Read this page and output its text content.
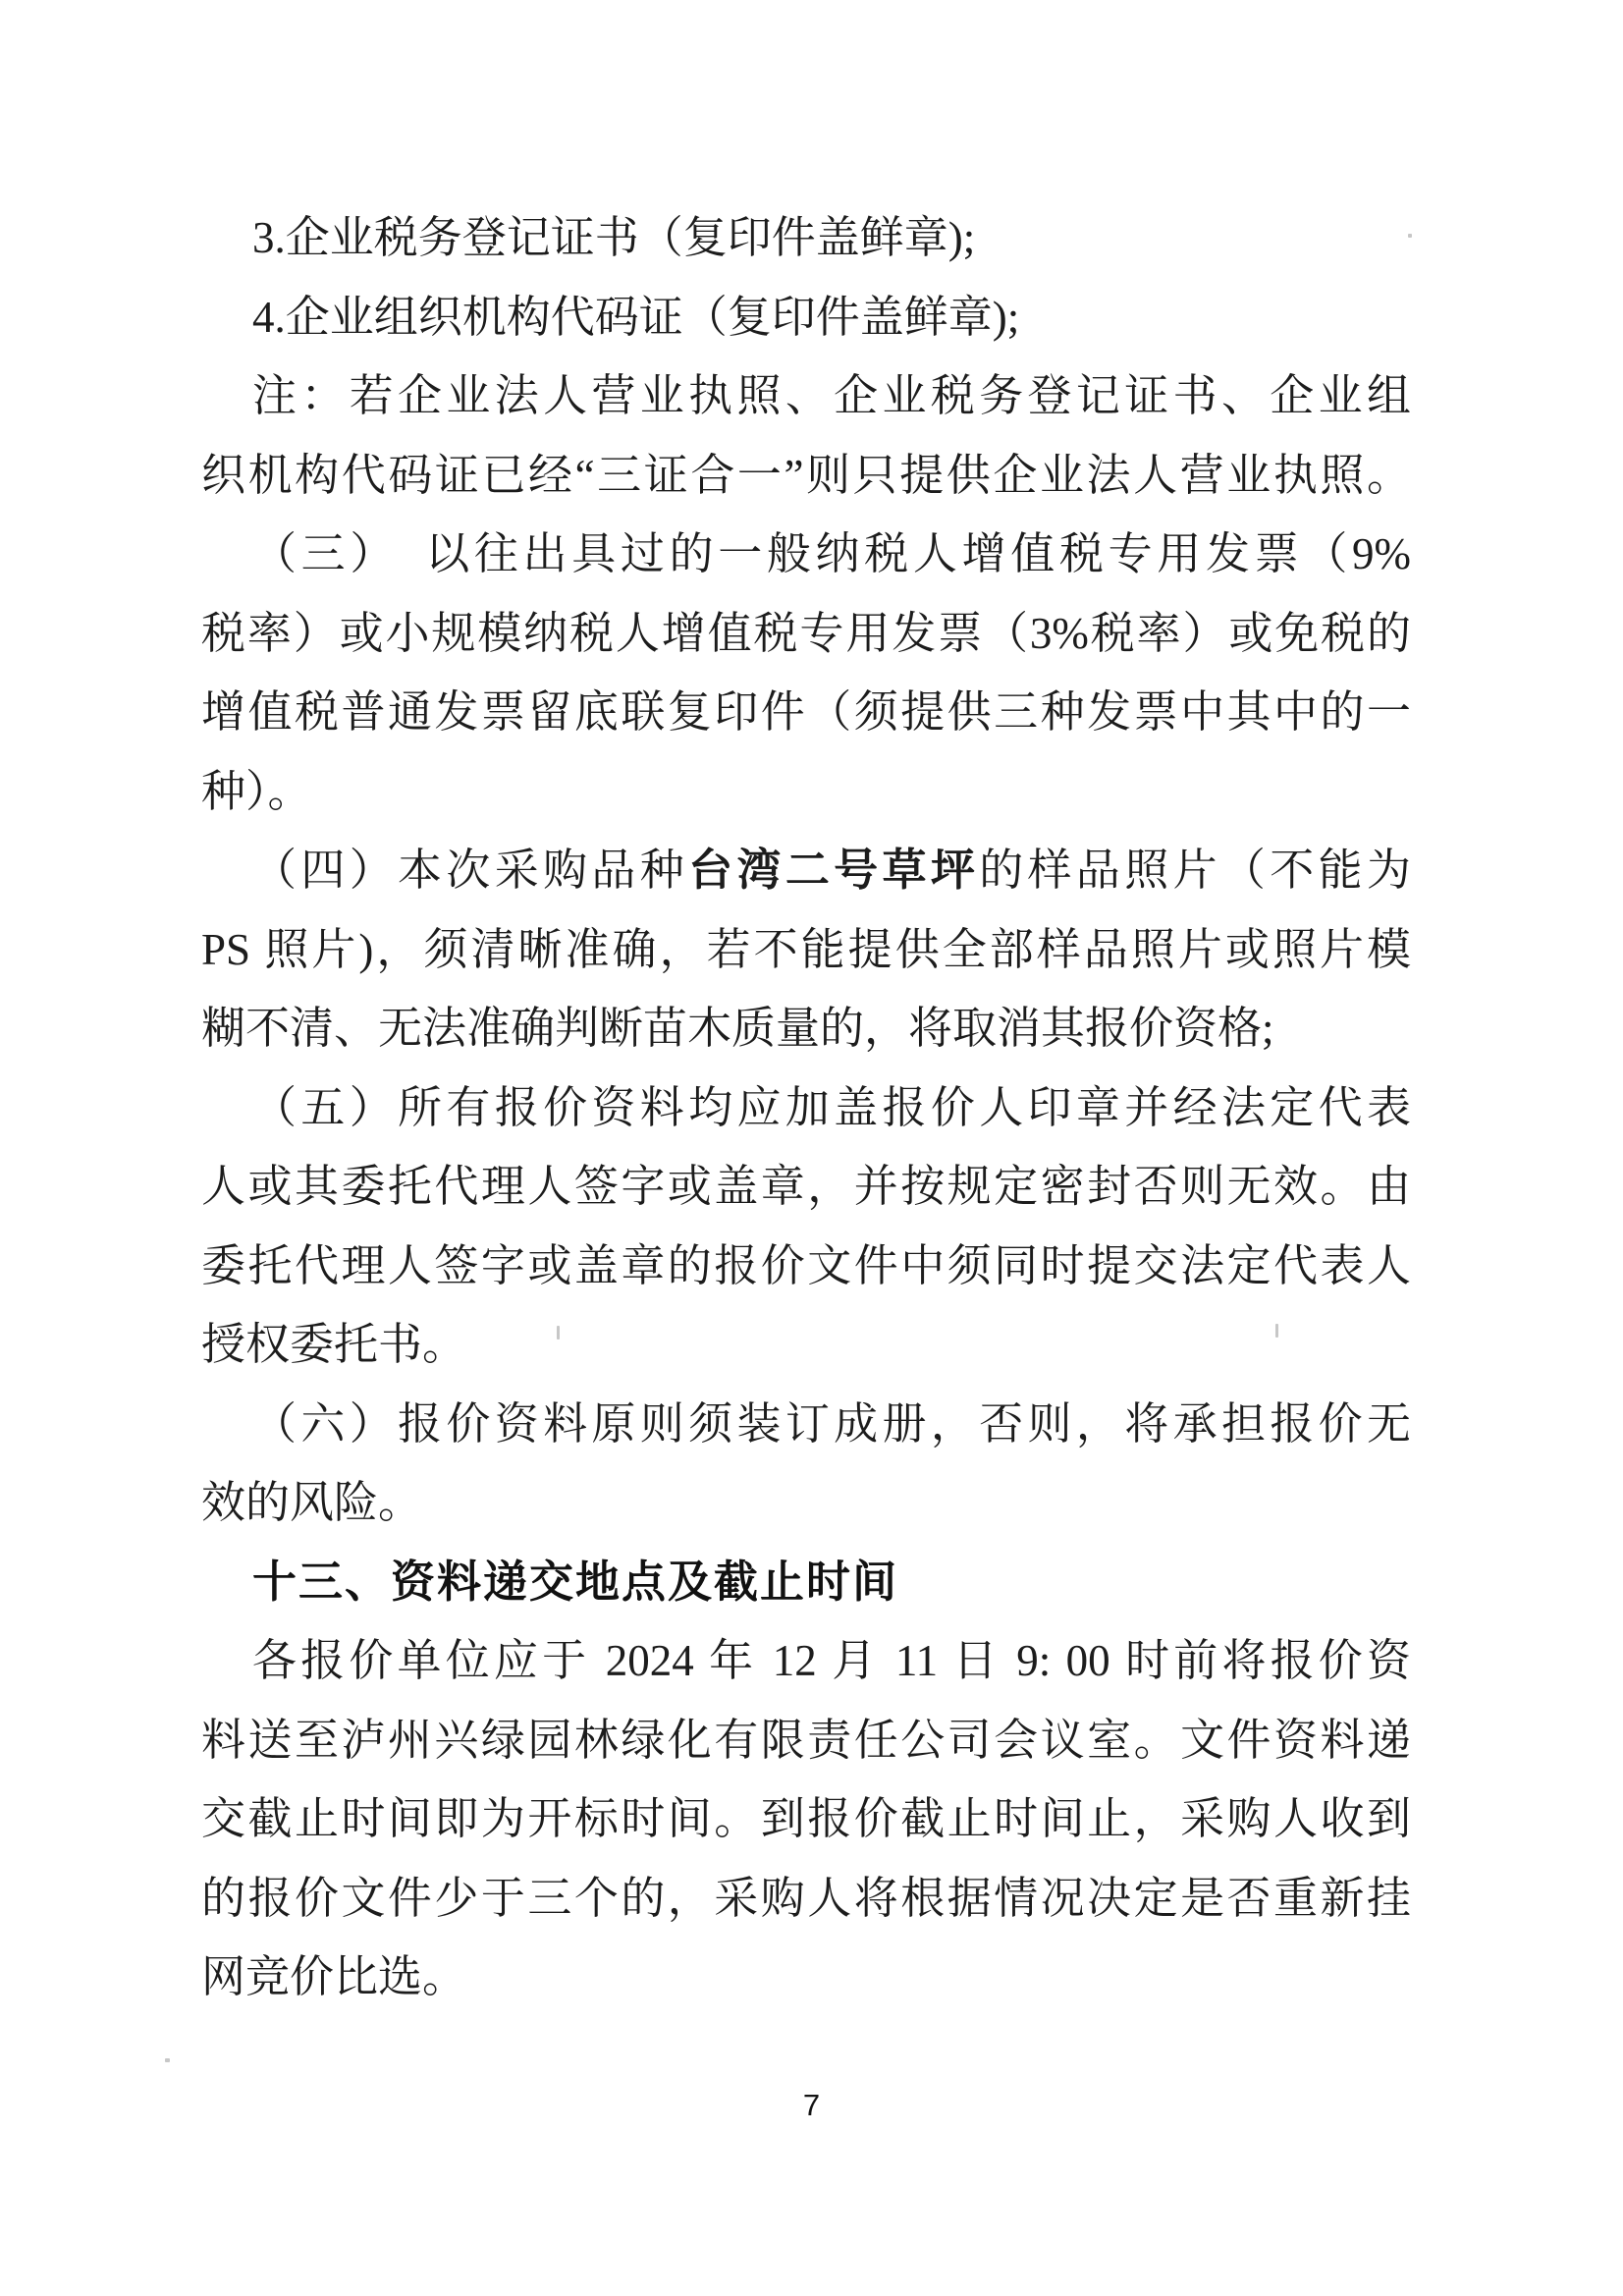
3.企业税务登记证书（复印件盖鲜章);
4.企业组织机构代码证（复印件盖鲜章);
注：若企业法人营业执照、企业税务登记证书、企业组
织机构代码证已经“三证合一”则只提供企业法人营业执照。
（三）　以往出具过的一般纳税人增值税专用发票（9%
税率）或小规模纳税人增值税专用发票（3%税率）或免税的
增值税普通发票留底联复印件（须提供三种发票中其中的一
种）。
（四）本次采购品种台湾二号草坪的样品照片（不能为
PS 照片)，须清晰准确，若不能提供全部样品照片或照片模
糊不清、无法准确判断苗木质量的，将取消其报价资格;
（五）所有报价资料均应加盖报价人印章并经法定代表
人或其委托代理人签字或盖章，并按规定密封否则无效。由
委托代理人签字或盖章的报价文件中须同时提交法定代表人
授权委托书。
（六）报价资料原则须装订成册，否则，将承担报价无
效的风险。
十三、资料递交地点及截止时间
各报价单位应于 2024 年 12 月 11 日 9: 00 时前将报价资
料送至泸州兴绿园林绿化有限责任公司会议室。文件资料递
交截止时间即为开标时间。到报价截止时间止，采购人收到
的报价文件少于三个的，采购人将根据情况决定是否重新挂
网竞价比选。
7
